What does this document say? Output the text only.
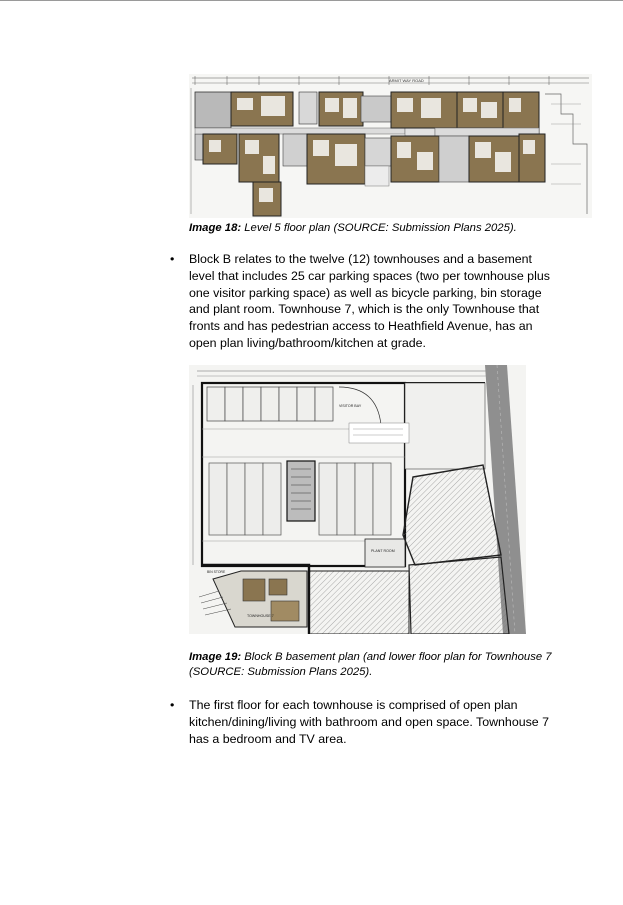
ARMIT WAY ROAD
Image 18: Level 5 floor plan (SOURCE: Submission Plans 2025).
• Block B relates to the twelve (12) townhouses and a basement
level that includes 25 car parking spaces (two per townhouse plus
one visitor parking space) as well as bicycle parking, bin storage
and plant room. Townhouse 7, which is the only Townhouse that
fronts and has pedestrian access to Heathfield Avenue, has an
open plan living/bathroom/kitchen at grade.
VISITOR BAY
PLANT ROOM
TOWNHOUSE 7
BIN STORE
Image 19: Block B basement plan (and lower floor plan for Townhouse 7
(SOURCE: Submission Plans 2025).
• The first floor for each townhouse is comprised of open plan
kitchen/dining/living with bathroom and open space. Townhouse 7
has a bedroom and TV area.
